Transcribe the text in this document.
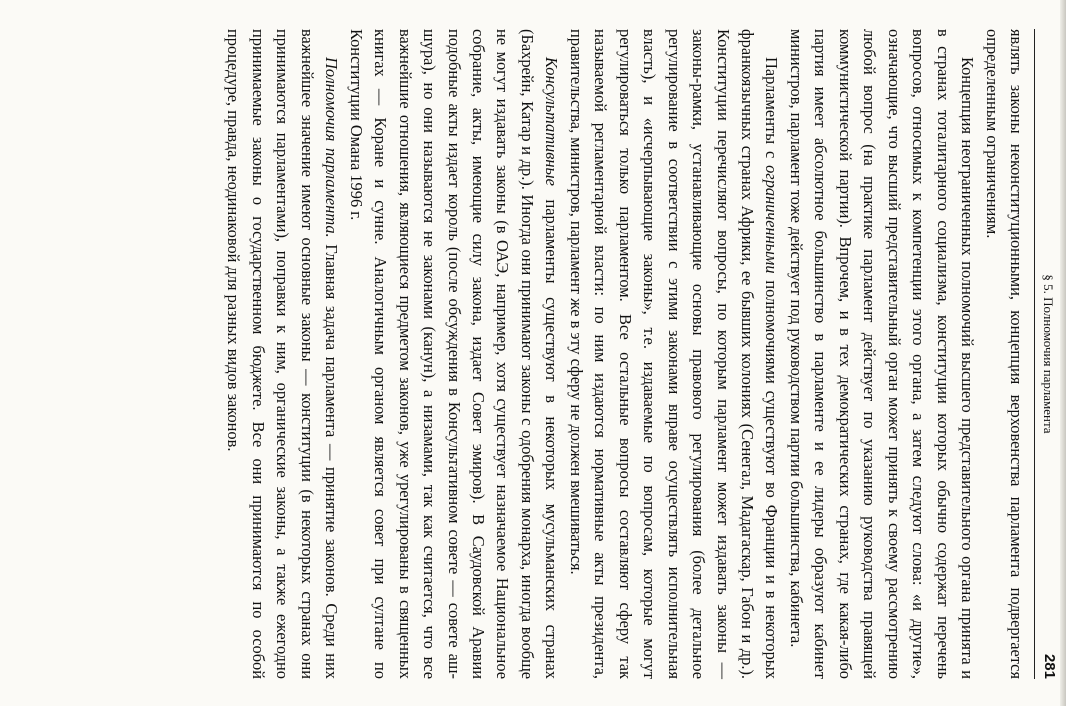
§ 5. Полномочия парламента
281

являть законы неконституционными, концепция верховенства парламента подвергается определенным ограничениям.

Концепция неограниченных полномочий высшего представительного органа принята и в странах тоталитарного социализма, конституции которых обычно содержат перечень вопросов, относимых к компетенции этого органа, а затем следуют слова: «и другие», означающие, что высший представительный орган может принять к своему рассмотрению любой вопрос (на практике парламент действует по указанию руководства правящей коммунистической партии). Впрочем, и в тех демократических странах, где какая-либо партия имеет абсолютное большинство в парламенте и ее лидеры образуют кабинет министров, парламент тоже действует под руководством партии большинства, кабинета.

Парламенты с ограниченными полномочиями существуют во Франции и в некоторых франкоязычных странах Африки, ее бывших колониях (Сенегал, Мадагаскар, Габон и др.). Конституции перечисляют вопросы, по которым парламент может издавать законы — законы-рамки, устанавливающие основы правового регулирования (более детальное регулирование в соответствии с этими законами вправе осуществлять исполнительная власть), и «исчерпывающие законы», т.е. издаваемые по вопросам, которые могут регулироваться только парламентом. Все остальные вопросы составляют сферу так называемой регламентарной власти: по ним издаются нормативные акты президента, правительства, министров, парламент же в эту сферу не должен вмешиваться.

Консультативные парламенты существуют в некоторых мусульманских странах (Бахрейн, Катар и др.). Иногда они принимают законы с одобрения монарха, иногда вообще не могут издавать законы (в ОАЭ, например, хотя существует назначаемое Национальное собрание, акты, имеющие силу закона, издает Совет эмиров). В Саудовской Аравии подобные акты издает король (после обсуждения в Консультативном совете — совете аш-шура), но они называются не законами (канун), а низамами, так как считается, что все важнейшие отношения, являющиеся предметом законов, уже урегулированы в священных книгах — Коране и сунне. Аналогичным органом является совет при султане по Конституции Омана 1996 г.

Полномочия парламента. Главная задача парламента — принятие законов. Среди них важнейшее значение имеют основные законы — конституции (в некоторых странах они принимаются парламентами), поправки к ним, органические законы, а также ежегодно принимаемые законы о государственном бюджете. Все они принимаются по особой процедуре, правда, неодинаковой для разных видов законов.
